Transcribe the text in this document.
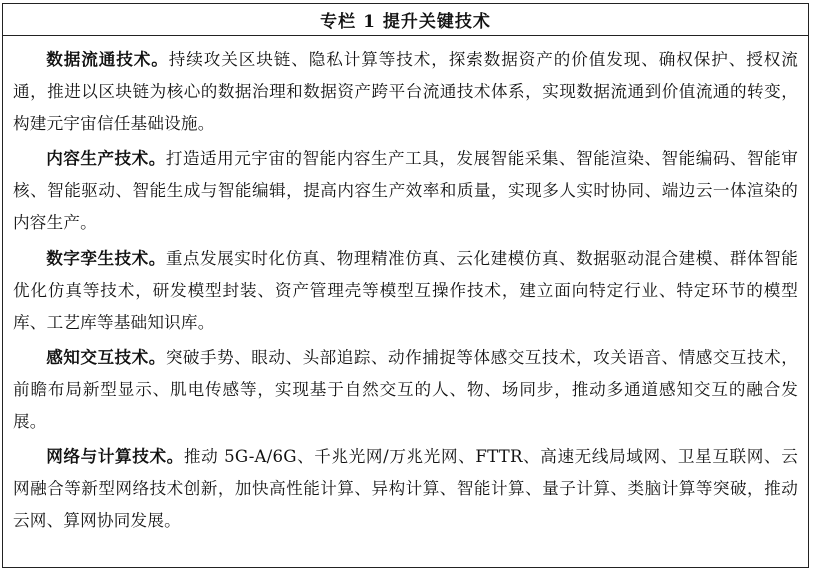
专栏 1 提升关键技术

数据流通技术。持续攻关区块链、隐私计算等技术，探索数据资产的价值发现、确权保护、授权流通，推进以区块链为核心的数据治理和数据资产跨平台流通技术体系，实现数据流通到价值流通的转变，构建元宇宙信任基础设施。

内容生产技术。打造适用元宇宙的智能内容生产工具，发展智能采集、智能渲染、智能编码、智能审核、智能驱动、智能生成与智能编辑，提高内容生产效率和质量，实现多人实时协同、端边云一体渲染的内容生产。

数字孪生技术。重点发展实时化仿真、物理精准仿真、云化建模仿真、数据驱动混合建模、群体智能优化仿真等技术，研发模型封装、资产管理壳等模型互操作技术，建立面向特定行业、特定环节的模型库、工艺库等基础知识库。

感知交互技术。突破手势、眼动、头部追踪、动作捕捉等体感交互技术，攻关语音、情感交互技术，前瞻布局新型显示、肌电传感等，实现基于自然交互的人、物、场同步，推动多通道感知交互的融合发展。

网络与计算技术。推动 5G-A/6G、千兆光网/万兆光网、FTTR、高速无线局域网、卫星互联网、云网融合等新型网络技术创新，加快高性能计算、异构计算、智能计算、量子计算、类脑计算等突破，推动云网、算网协同发展。
